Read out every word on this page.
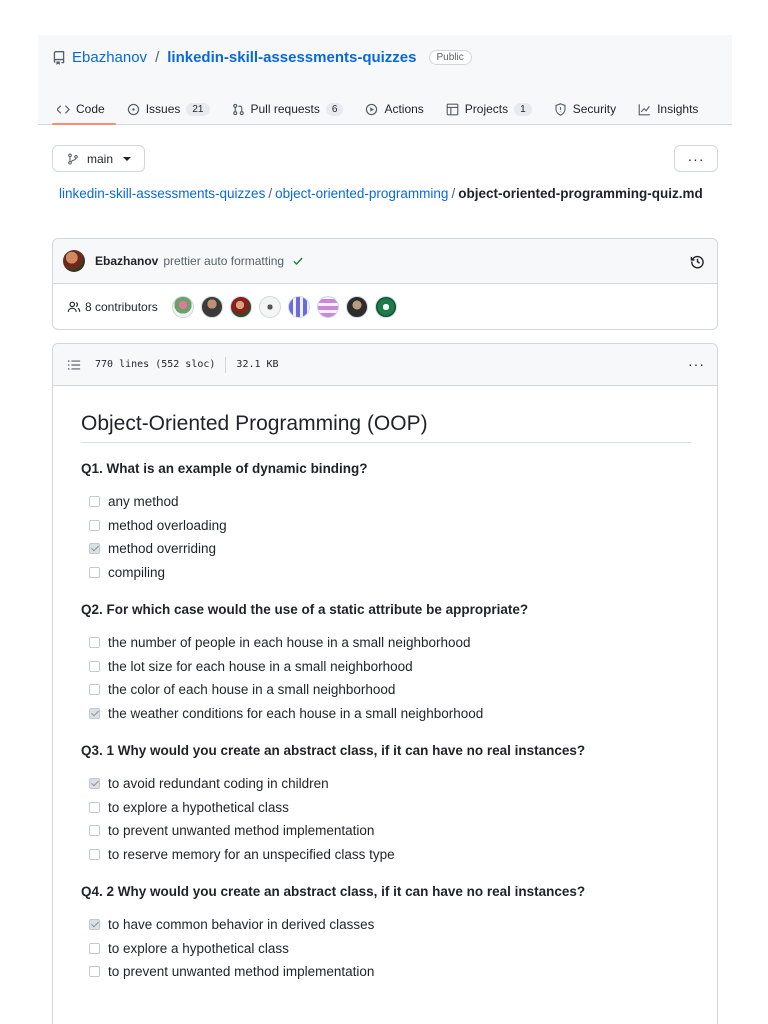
Ebazhanov / linkedin-skill-assessments-quizzes	Public
Code	Issues	21	Pull requests	6	Actions	Projects	1	Security	Insights
main	···
linkedin-skill-assessments-quizzes / object-oriented-programming / object-oriented-programming-quiz.md
Ebazhanov prettier auto formatting
8 contributors
770 lines (552 sloc) 32.1 KB	···
Object-Oriented Programming (OOP)
Q1. What is an example of dynamic binding?
any method
method overloading
method overriding
compiling
Q2. For which case would the use of a static attribute be appropriate?
the number of people in each house in a small neighborhood
the lot size for each house in a small neighborhood
the color of each house in a small neighborhood
the weather conditions for each house in a small neighborhood
Q3. 1 Why would you create an abstract class, if it can have no real instances?
to avoid redundant coding in children
to explore a hypothetical class
to prevent unwanted method implementation
to reserve memory for an unspecified class type
Q4. 2 Why would you create an abstract class, if it can have no real instances?
to have common behavior in derived classes
to explore a hypothetical class
to prevent unwanted method implementation
